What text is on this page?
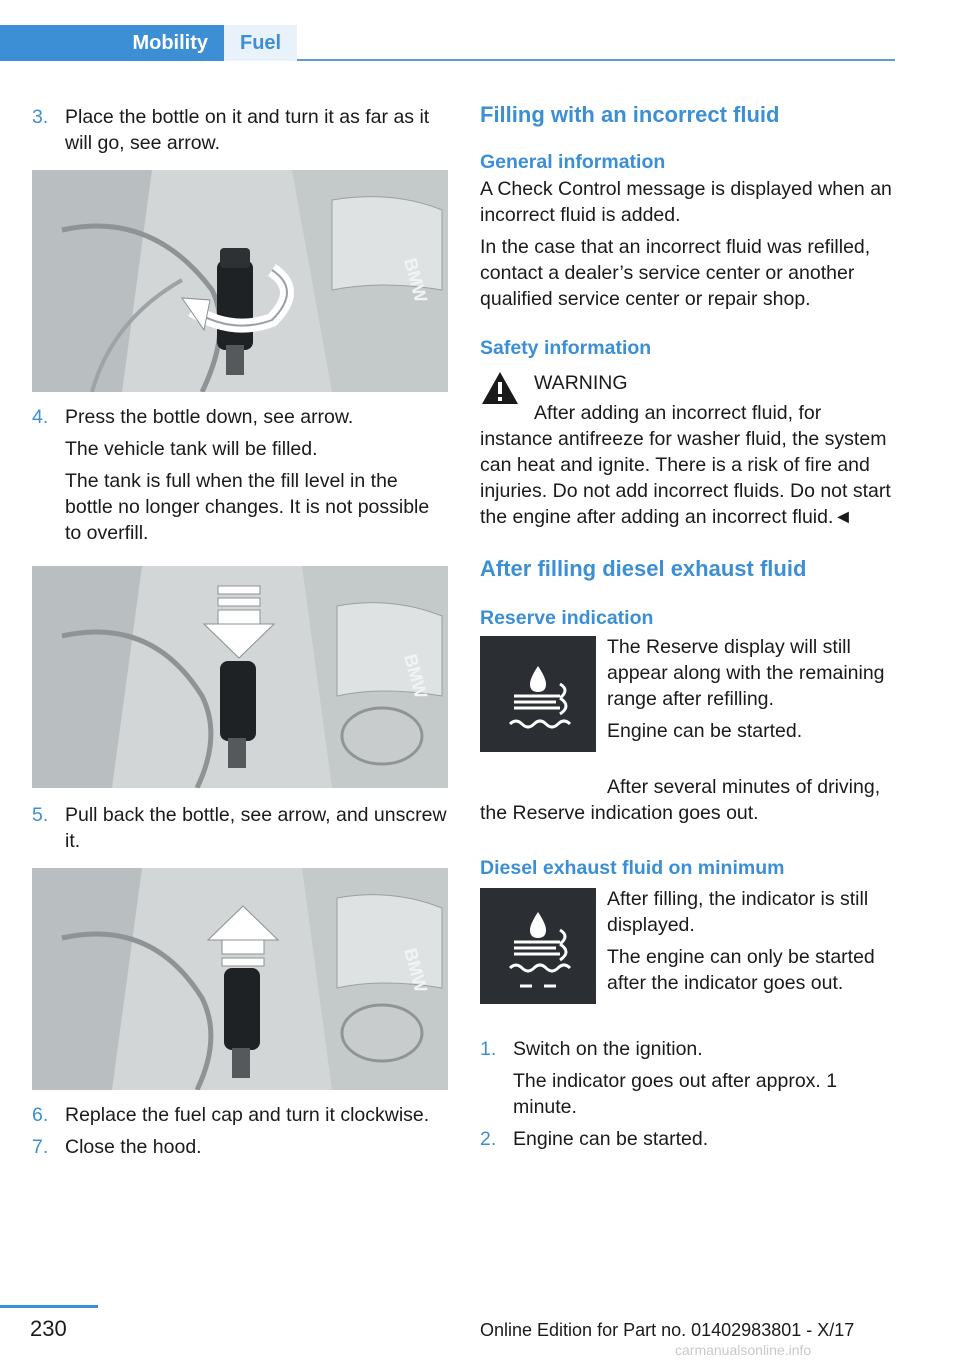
Mobility	Fuel
3. Place the bottle on it and turn it as far as it will go, see arrow.

BMW
4. Press the bottle down, see arrow.

The vehicle tank will be filled.

The tank is full when the fill level in the bottle no longer changes. It is not possible to overfill.

BMW
5. Pull back the bottle, see arrow, and unscrew it.

BMW
6. Replace the fuel cap and turn it clockwise.

7. Close the hood.

Filling with an incorrect fluid
General information

A Check Control message is displayed when an incorrect fluid is added.

In the case that an incorrect fluid was refilled, contact a dealer’s service center or another qualified service center or repair shop.

Safety information

WARNING

After adding an incorrect fluid, for instance antifreeze for washer fluid, the system can heat and ignite. There is a risk of fire and injuries. Do not add incorrect fluids. Do not start the engine after adding an incorrect fluid.◄

After filling diesel exhaust fluid
Reserve indication

The Reserve display will still appear along with the remaining range after refilling.

Engine can be started.

After several minutes of driving, the Reserve indication goes out.

Diesel exhaust fluid on minimum

After filling, the indicator is still displayed.

The engine can only be started after the indicator goes out.

1. Switch on the ignition.

The indicator goes out after approx. 1 minute.

2. Engine can be started.

230	Online Edition for Part no. 01402983801 - X/17
carmanualsonline.info
